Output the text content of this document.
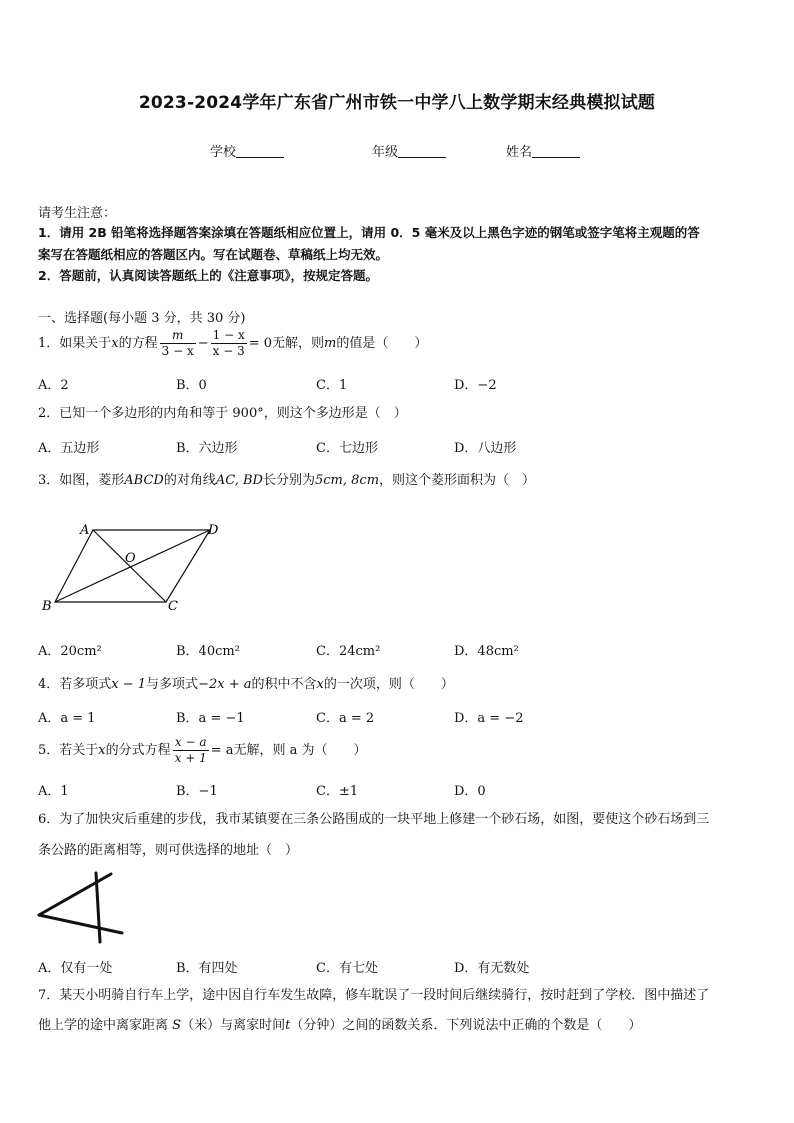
2023-2024学年广东省广州市铁一中学八上数学期末经典模拟试题
学校	年级	姓名
请考生注意：
1．请用 2B 铅笔将选择题答案涂填在答题纸相应位置上，请用 0．5 毫米及以上黑色字迹的钢笔或签字笔将主观题的答
案写在答题纸相应的答题区内。写在试题卷、草稿纸上均无效。
2．答题前，认真阅读答题纸上的《注意事项》，按规定答题。
一、选择题(每小题 3 分，共 30 分)
1．如果关于x的方程 $\frac{m}{3 - x} - \frac{1 - x}{x - 3} = 0$无解，则m的值是（　　）
A．2	B．0	C．1	D．−2
2．已知一个多边形的内角和等于 900°，则这个多边形是（　）
A．五边形	B．六边形	C．七边形	D．八边形
3．如图，菱形ABCD的对角线AC, BD长分别为5cm, 8cm，则这个菱形面积为（　）
A	D
O
B	C
A．20cm²	B．40cm²	C．24cm²	D．48cm²
4．若多项式x − 1与多项式−2x + a的积中不含x的一次项，则（　　）
A．a = 1	B．a = −1	C．a = 2	D．a = −2
5．若关于x的分式方程 $\frac{x - a}{x + 1} = a$无解，则 a 为（　　）
A．1	B．−1	C．±1	D．0
6．为了加快灾后重建的步伐，我市某镇要在三条公路围成的一块平地上修建一个砂石场，如图，要使这个砂石场到三
条公路的距离相等，则可供选择的地址（　）
A．仅有一处	B．有四处	C．有七处	D．有无数处
7．某天小明骑自行车上学，途中因自行车发生故障，修车耽误了一段时间后继续骑行，按时赶到了学校．图中描述了
他上学的途中离家距离 S（米）与离家时间t（分钟）之间的函数关系．下列说法中正确的个数是（　　）
